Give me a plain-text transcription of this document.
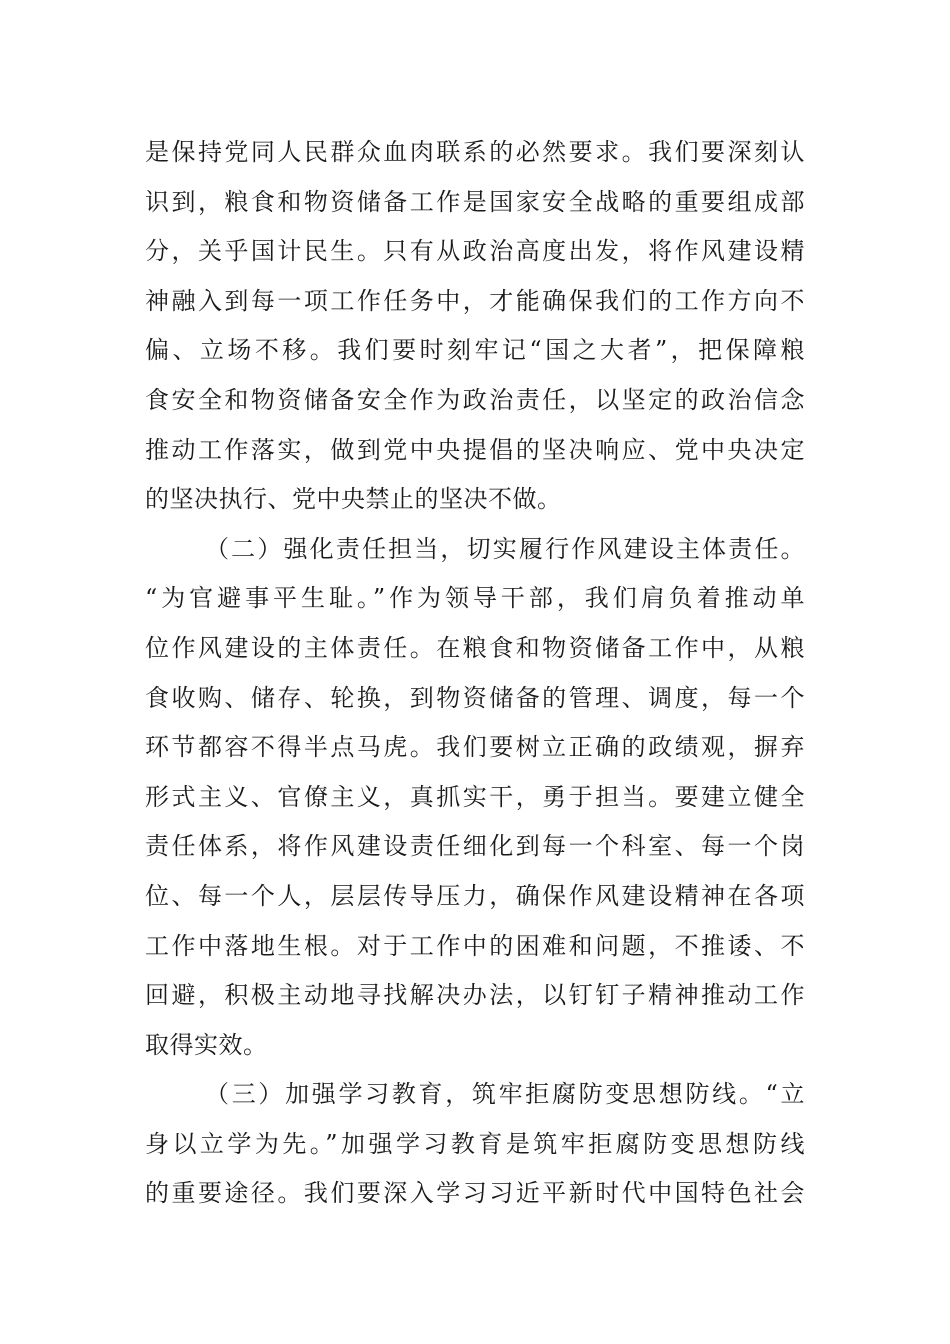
是保持党同人民群众血肉联系的必然要求。我们要深刻认
识到，粮食和物资储备工作是国家安全战略的重要组成部
分，关乎国计民生。只有从政治高度出发，将作风建设精
神融入到每一项工作任务中，才能确保我们的工作方向不
偏、立场不移。我们要时刻牢记“国之大者”，把保障粮
食安全和物资储备安全作为政治责任，以坚定的政治信念
推动工作落实，做到党中央提倡的坚决响应、党中央决定
的坚决执行、党中央禁止的坚决不做。
（二）强化责任担当，切实履行作风建设主体责任。
“为官避事平生耻。”作为领导干部，我们肩负着推动单
位作风建设的主体责任。在粮食和物资储备工作中，从粮
食收购、储存、轮换，到物资储备的管理、调度，每一个
环节都容不得半点马虎。我们要树立正确的政绩观，摒弃
形式主义、官僚主义，真抓实干，勇于担当。要建立健全
责任体系，将作风建设责任细化到每一个科室、每一个岗
位、每一个人，层层传导压力，确保作风建设精神在各项
工作中落地生根。对于工作中的困难和问题，不推诿、不
回避，积极主动地寻找解决办法，以钉钉子精神推动工作
取得实效。
（三）加强学习教育，筑牢拒腐防变思想防线。“立
身以立学为先。”加强学习教育是筑牢拒腐防变思想防线
的重要途径。我们要深入学习习近平新时代中国特色社会
